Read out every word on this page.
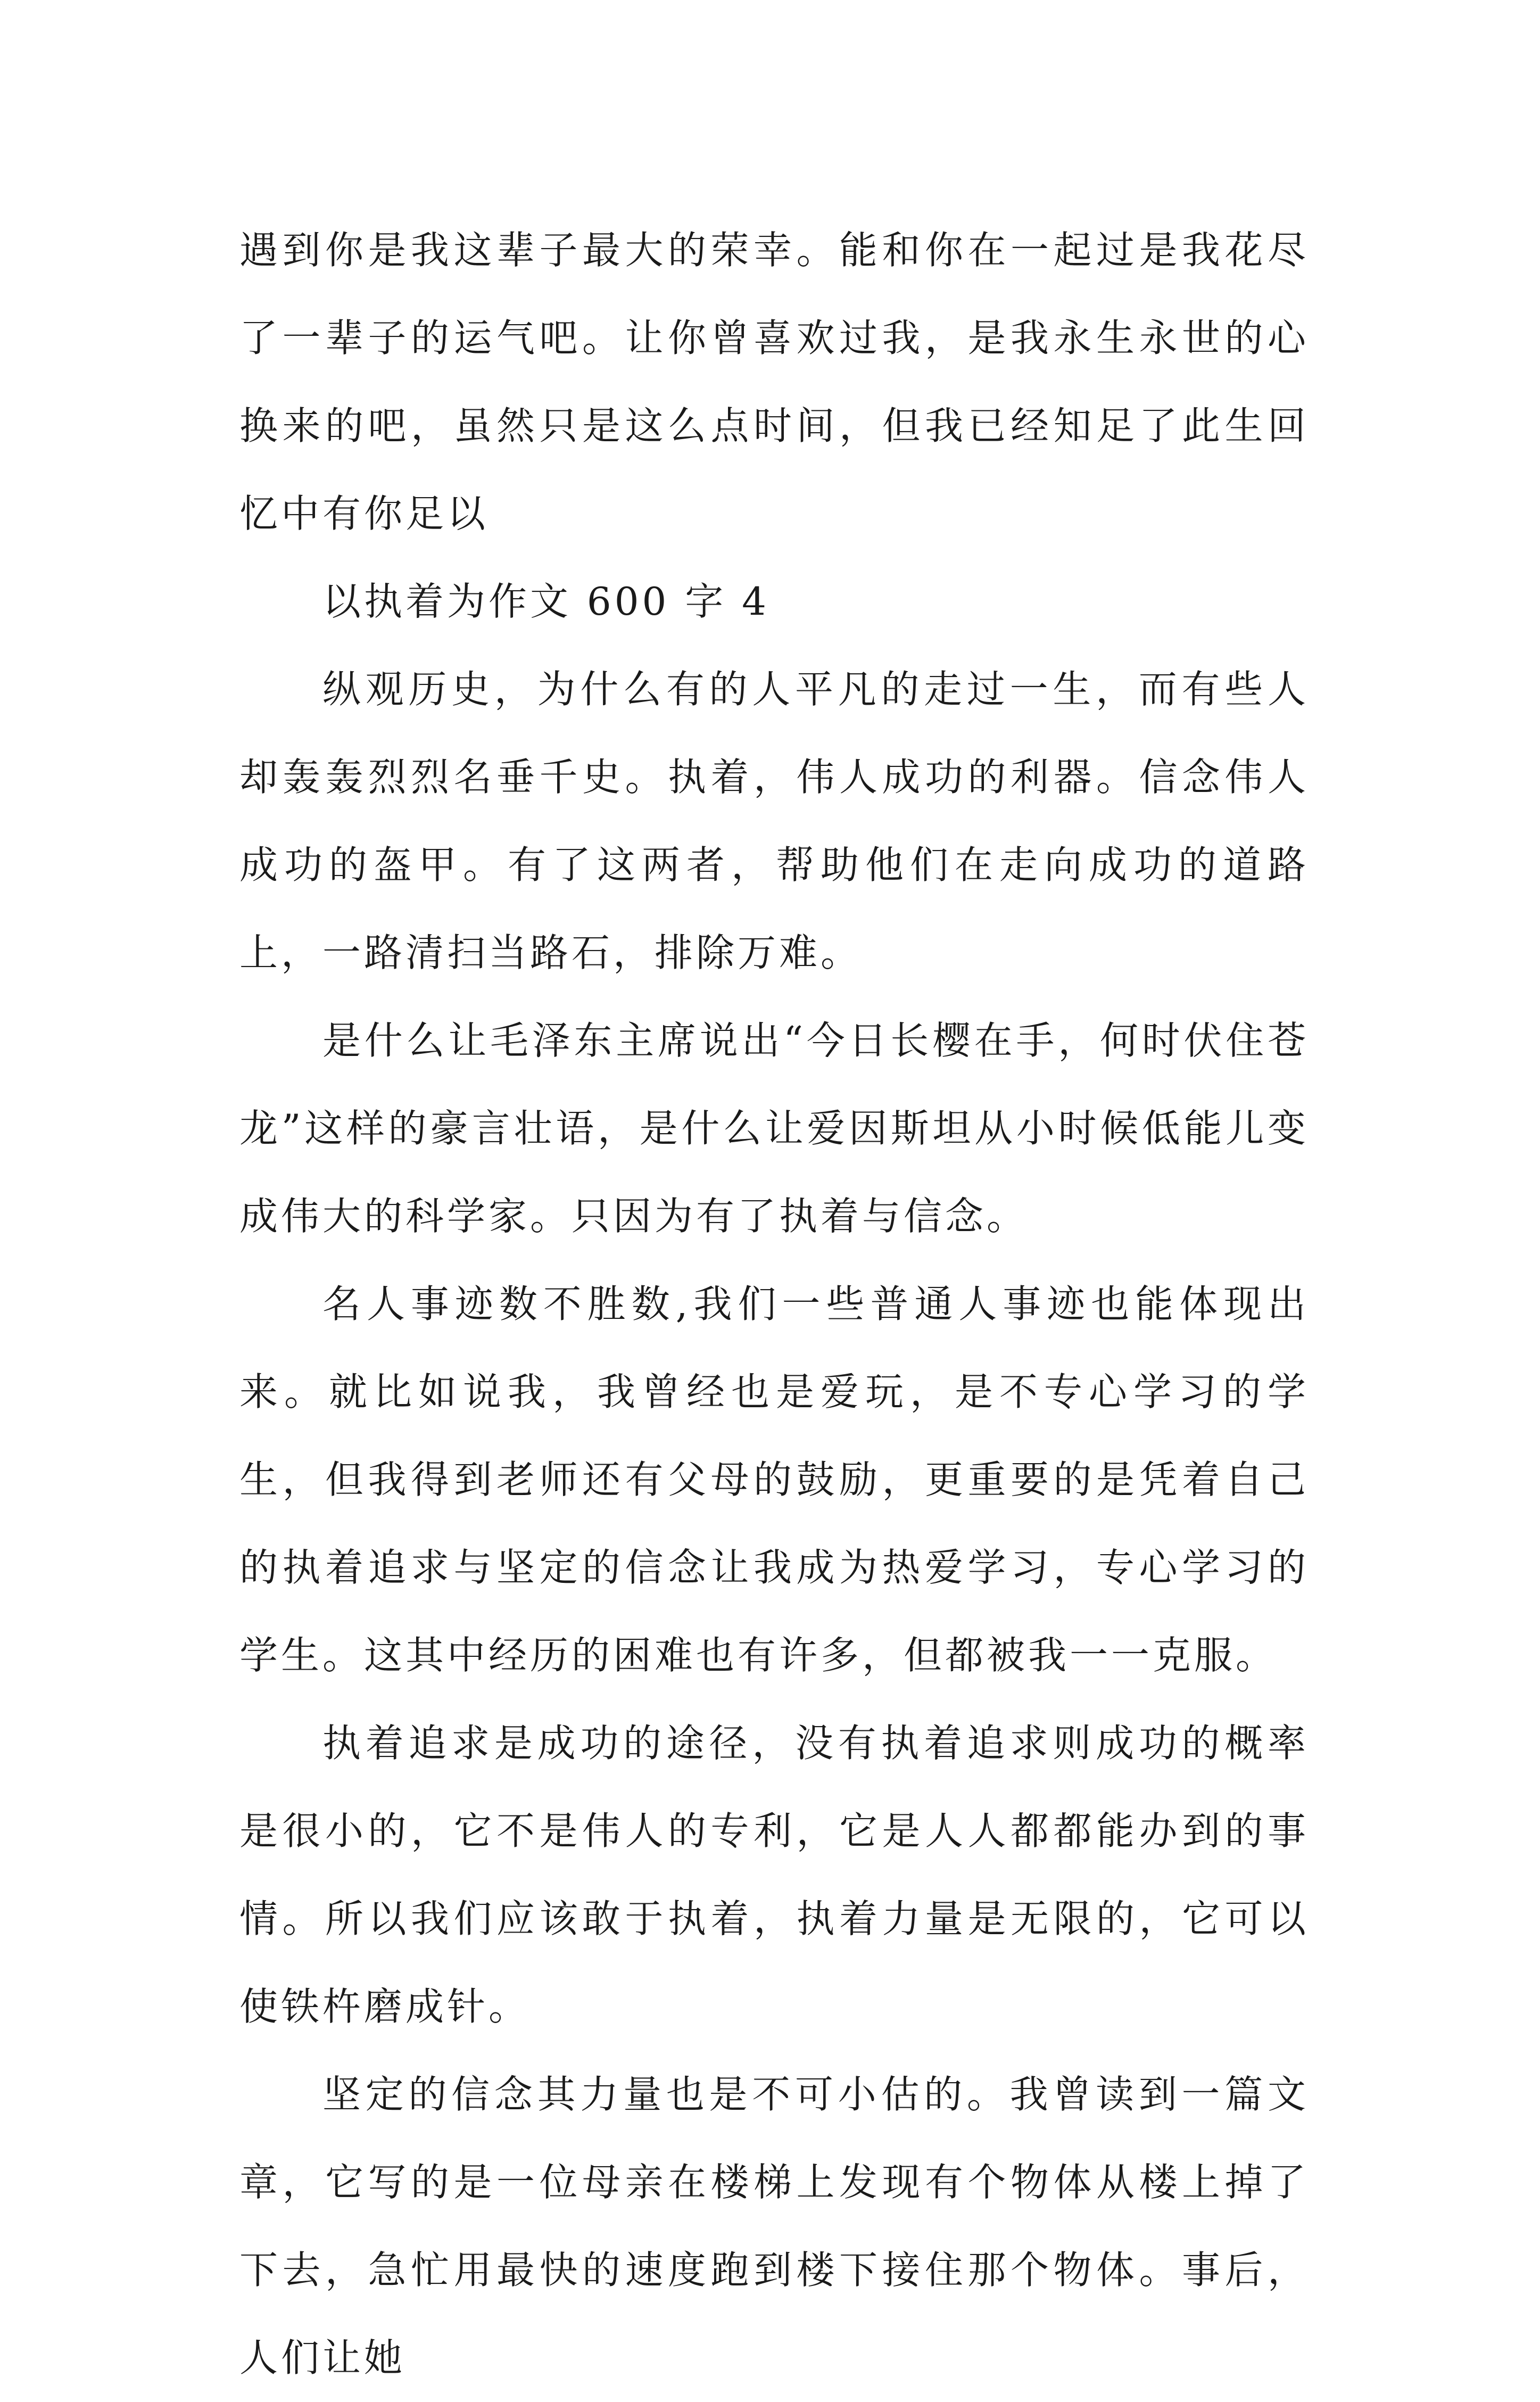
遇到你是我这辈子最大的荣幸。能和你在一起过是我花尽了一辈子的运气吧。让你曾喜欢过我，是我永生永世的心换来的吧，虽然只是这么点时间，但我已经知足了此生回忆中有你足以

以执着为作文 600 字 4

纵观历史，为什么有的人平凡的走过一生，而有些人却轰轰烈烈名垂千史。执着，伟人成功的利器。信念伟人成功的盔甲。有了这两者，帮助他们在走向成功的道路上，一路清扫当路石，排除万难。

是什么让毛泽东主席说出“今日长樱在手，何时伏住苍龙”这样的豪言壮语，是什么让爱因斯坦从小时候低能儿变成伟大的科学家。只因为有了执着与信念。

名人事迹数不胜数,我们一些普通人事迹也能体现出来。就比如说我，我曾经也是爱玩，是不专心学习的学生，但我得到老师还有父母的鼓励，更重要的是凭着自己的执着追求与坚定的信念让我成为热爱学习，专心学习的学生。这其中经历的困难也有许多，但都被我一一克服。

执着追求是成功的途径，没有执着追求则成功的概率是很小的，它不是伟人的专利，它是人人都都能办到的事情。所以我们应该敢于执着，执着力量是无限的，它可以使铁杵磨成针。

坚定的信念其力量也是不可小估的。我曾读到一篇文章，它写的是一位母亲在楼梯上发现有个物体从楼上掉了下去，急忙用最快的速度跑到楼下接住那个物体。事后，人们让她
